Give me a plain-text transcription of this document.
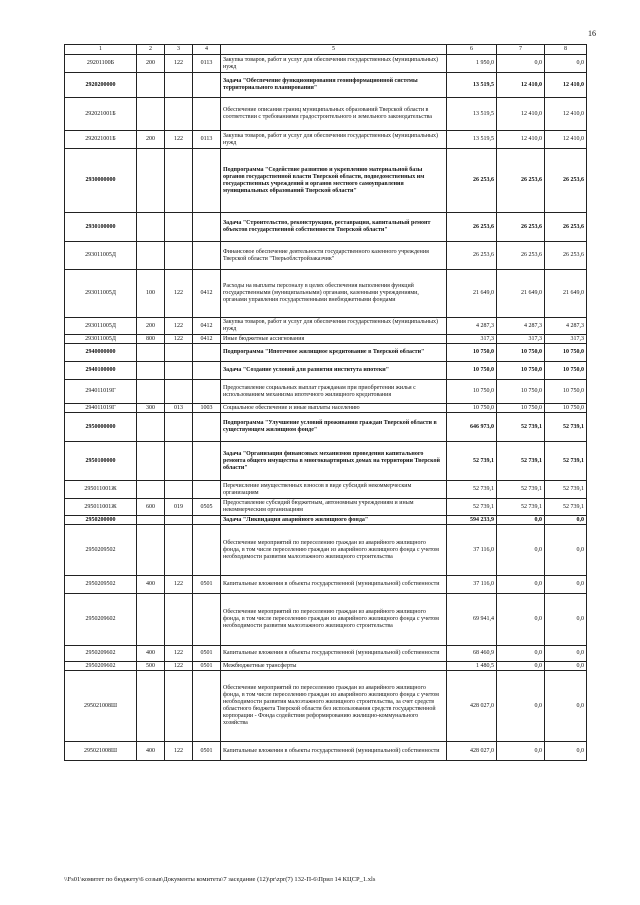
16
1	2	3	4	5	6	7	8
29201100Б	200	122	0113	Закупка товаров, работ и услуг для обеспечения государственных (муниципальных) нужд	1 950,0	0,0	0,0
2920200000				Задача "Обеспечение функционирования геоинформационной системы территориального планирования"	13 519,5	12 410,0	12 410,0
292021001Б				Обеспечение описания границ муниципальных образований Тверской области в соответствии с требованиями градостроительного и земельного законодательства	13 519,5	12 410,0	12 410,0
292021001Б	200	122	0113	Закупка товаров, работ и услуг для обеспечения государственных (муниципальных) нужд	13 519,5	12 410,0	12 410,0
2930000000				Подпрограмма "Содействие развитию и укреплению материальной базы органов государственной власти Тверской области, подведомственных им государственных учреждений и органов местного самоуправления муниципальных образований Тверской области"	26 253,6	26 253,6	26 253,6
2930100000				Задача "Строительство, реконструкция, реставрация, капитальный ремонт объектов государственной собственности Тверской области"	26 253,6	26 253,6	26 253,6
293011005Д				Финансовое обеспечение деятельности государственного казенного учреждения Тверской области "Тверьоблстройзаказчик"	26 253,6	26 253,6	26 253,6
293011005Д	100	122	0412	Расходы на выплаты персоналу в целях обеспечения выполнения функций государственными (муниципальными) органами, казенными учреждениями, органами управления государственными внебюджетными фондами	21 649,0	21 649,0	21 649,0
293011005Д	200	122	0412	Закупка товаров, работ и услуг для обеспечения государственных (муниципальных) нужд	4 287,3	4 287,3	4 287,3
293011005Д	800	122	0412	Иные бюджетные ассигнования	317,3	317,3	317,3
2940000000				Подпрограмма "Ипотечное жилищное кредитование в Тверской области"	10 750,0	10 750,0	10 750,0
2940100000				Задача "Создание условий для развития института ипотеки"	10 750,0	10 750,0	10 750,0
294011019Г				Предоставление социальных выплат гражданам при приобретении жилья с использованием механизма ипотечного жилищного кредитования	10 750,0	10 750,0	10 750,0
294011019Г	300	013	1003	Социальное обеспечение и иные выплаты населению	10 750,0	10 750,0	10 750,0
2950000000				Подпрограмма "Улучшение условий проживания граждан Тверской области в существующем жилищном фонде"	646 973,0	52 739,1	52 739,1
2950100000				Задача "Организация финансовых механизмов проведения капитального ремонта общего имущества в многоквартирных домах на территории Тверской области"	52 739,1	52 739,1	52 739,1
295011001Ж				Перечисление имущественных взносов в виде субсидий некоммерческим организациям	52 739,1	52 739,1	52 739,1
295011001Ж	600	019	0505	Предоставление субсидий бюджетным, автономным учреждениям и иным некоммерческим организациям	52 739,1	52 739,1	52 739,1
2950200000				Задача "Ликвидация аварийного жилищного фонда"	594 233,9	0,0	0,0
2950209502				Обеспечение мероприятий по переселению граждан из аварийного жилищного фонда, в том числе переселению граждан из аварийного жилищного фонда с учетом необходимости развития малоэтажного жилищного строительства	37 116,0	0,0	0,0
2950209502	400	122	0501	Капитальные вложения в объекты государственной (муниципальной) собственности	37 116,0	0,0	0,0
2950209602				Обеспечение мероприятий по переселению граждан из аварийного жилищного фонда, в том числе переселению граждан из аварийного жилищного фонда с учетом необходимости развития малоэтажного жилищного строительства	69 941,4	0,0	0,0
2950209602	400	122	0501	Капитальные вложения в объекты государственной (муниципальной) собственности	68 460,9	0,0	0,0
2950209602	500	122	0501	Межбюджетные трансферты	1 480,5	0,0	0,0
295021008Ш				Обеспечение мероприятий по переселению граждан из аварийного жилищного фонда, в том числе переселению граждан из аварийного жилищного фонда с учетом необходимости развития малоэтажного жилищного строительства, за счет средств областного бюджета Тверской области без использования средств государственной корпорации - Фонда содействия реформированию жилищно-коммунального хозяйства	428 027,0	0,0	0,0
295021008Ш	400	122	0501	Капитальные вложения в объекты государственной (муниципальной) собственности	428 027,0	0,0	0,0
\\Fs01\комитет по бюджету\6 созыв\Документы комитета\7 заседание (12)\pr\zpr(7) 132-П-6\Прил 14 КЦСР_1.xls
